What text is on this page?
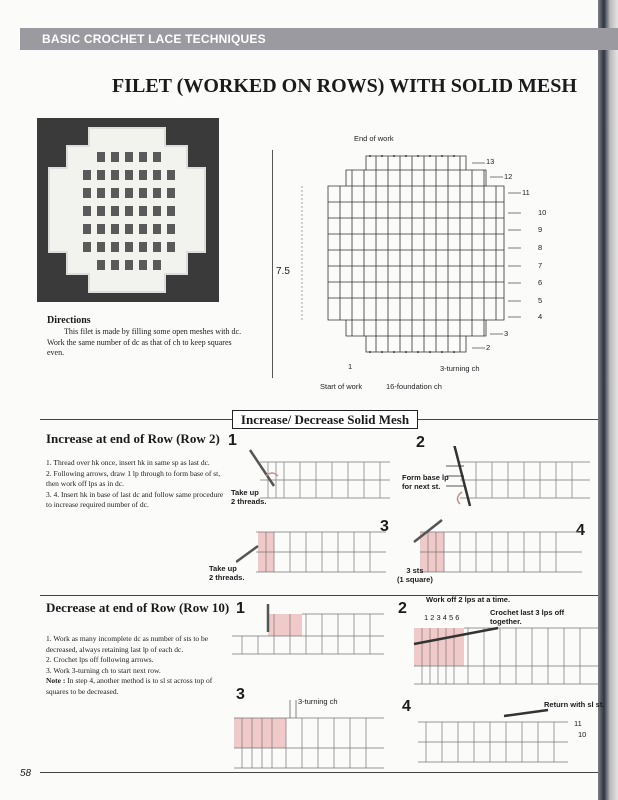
BASIC CROCHET LACE TECHNIQUES
FILET (WORKED ON ROWS) WITH SOLID MESH
Directions
This filet is made by filling some open meshes with dc. Work the same number of dc as that of ch to keep squares even.
End of work
7.5
13
12
11
10
9
8
7
6
5
4
3
2
1	3-turning ch
Start of work	16-foundation ch
Increase/ Decrease Solid Mesh
Increase at end of Row (Row 2)

1. Thread over hk once, insert hk in same sp as last dc.

2. Following arrows, draw 1 lp through to form base of st, then work off lps as in dc.

3. 4. Insert hk in base of last dc and follow same procedure to increase required number of dc.

1	2
3	4
Take up
2 threads.
Form base lp
for next st.
Take up
2 threads.
3 sts
(1 square)
Decrease at end of Row (Row 10)

1. Work as many incomplete dc as number of sts to be decreased, always retaining last lp of each dc.

2. Crochet lps off following arrows.

3. Work 3-turning ch to start next row.

Note : In step 4, another method is to sl st across top of squares to be decreased.

1	2
3
4
Work off 2 lps at a time.
Crochet last 3 lps off
together.
1 2 3 4 5 6
3-turning ch	Return with sl st.
11
10
58
